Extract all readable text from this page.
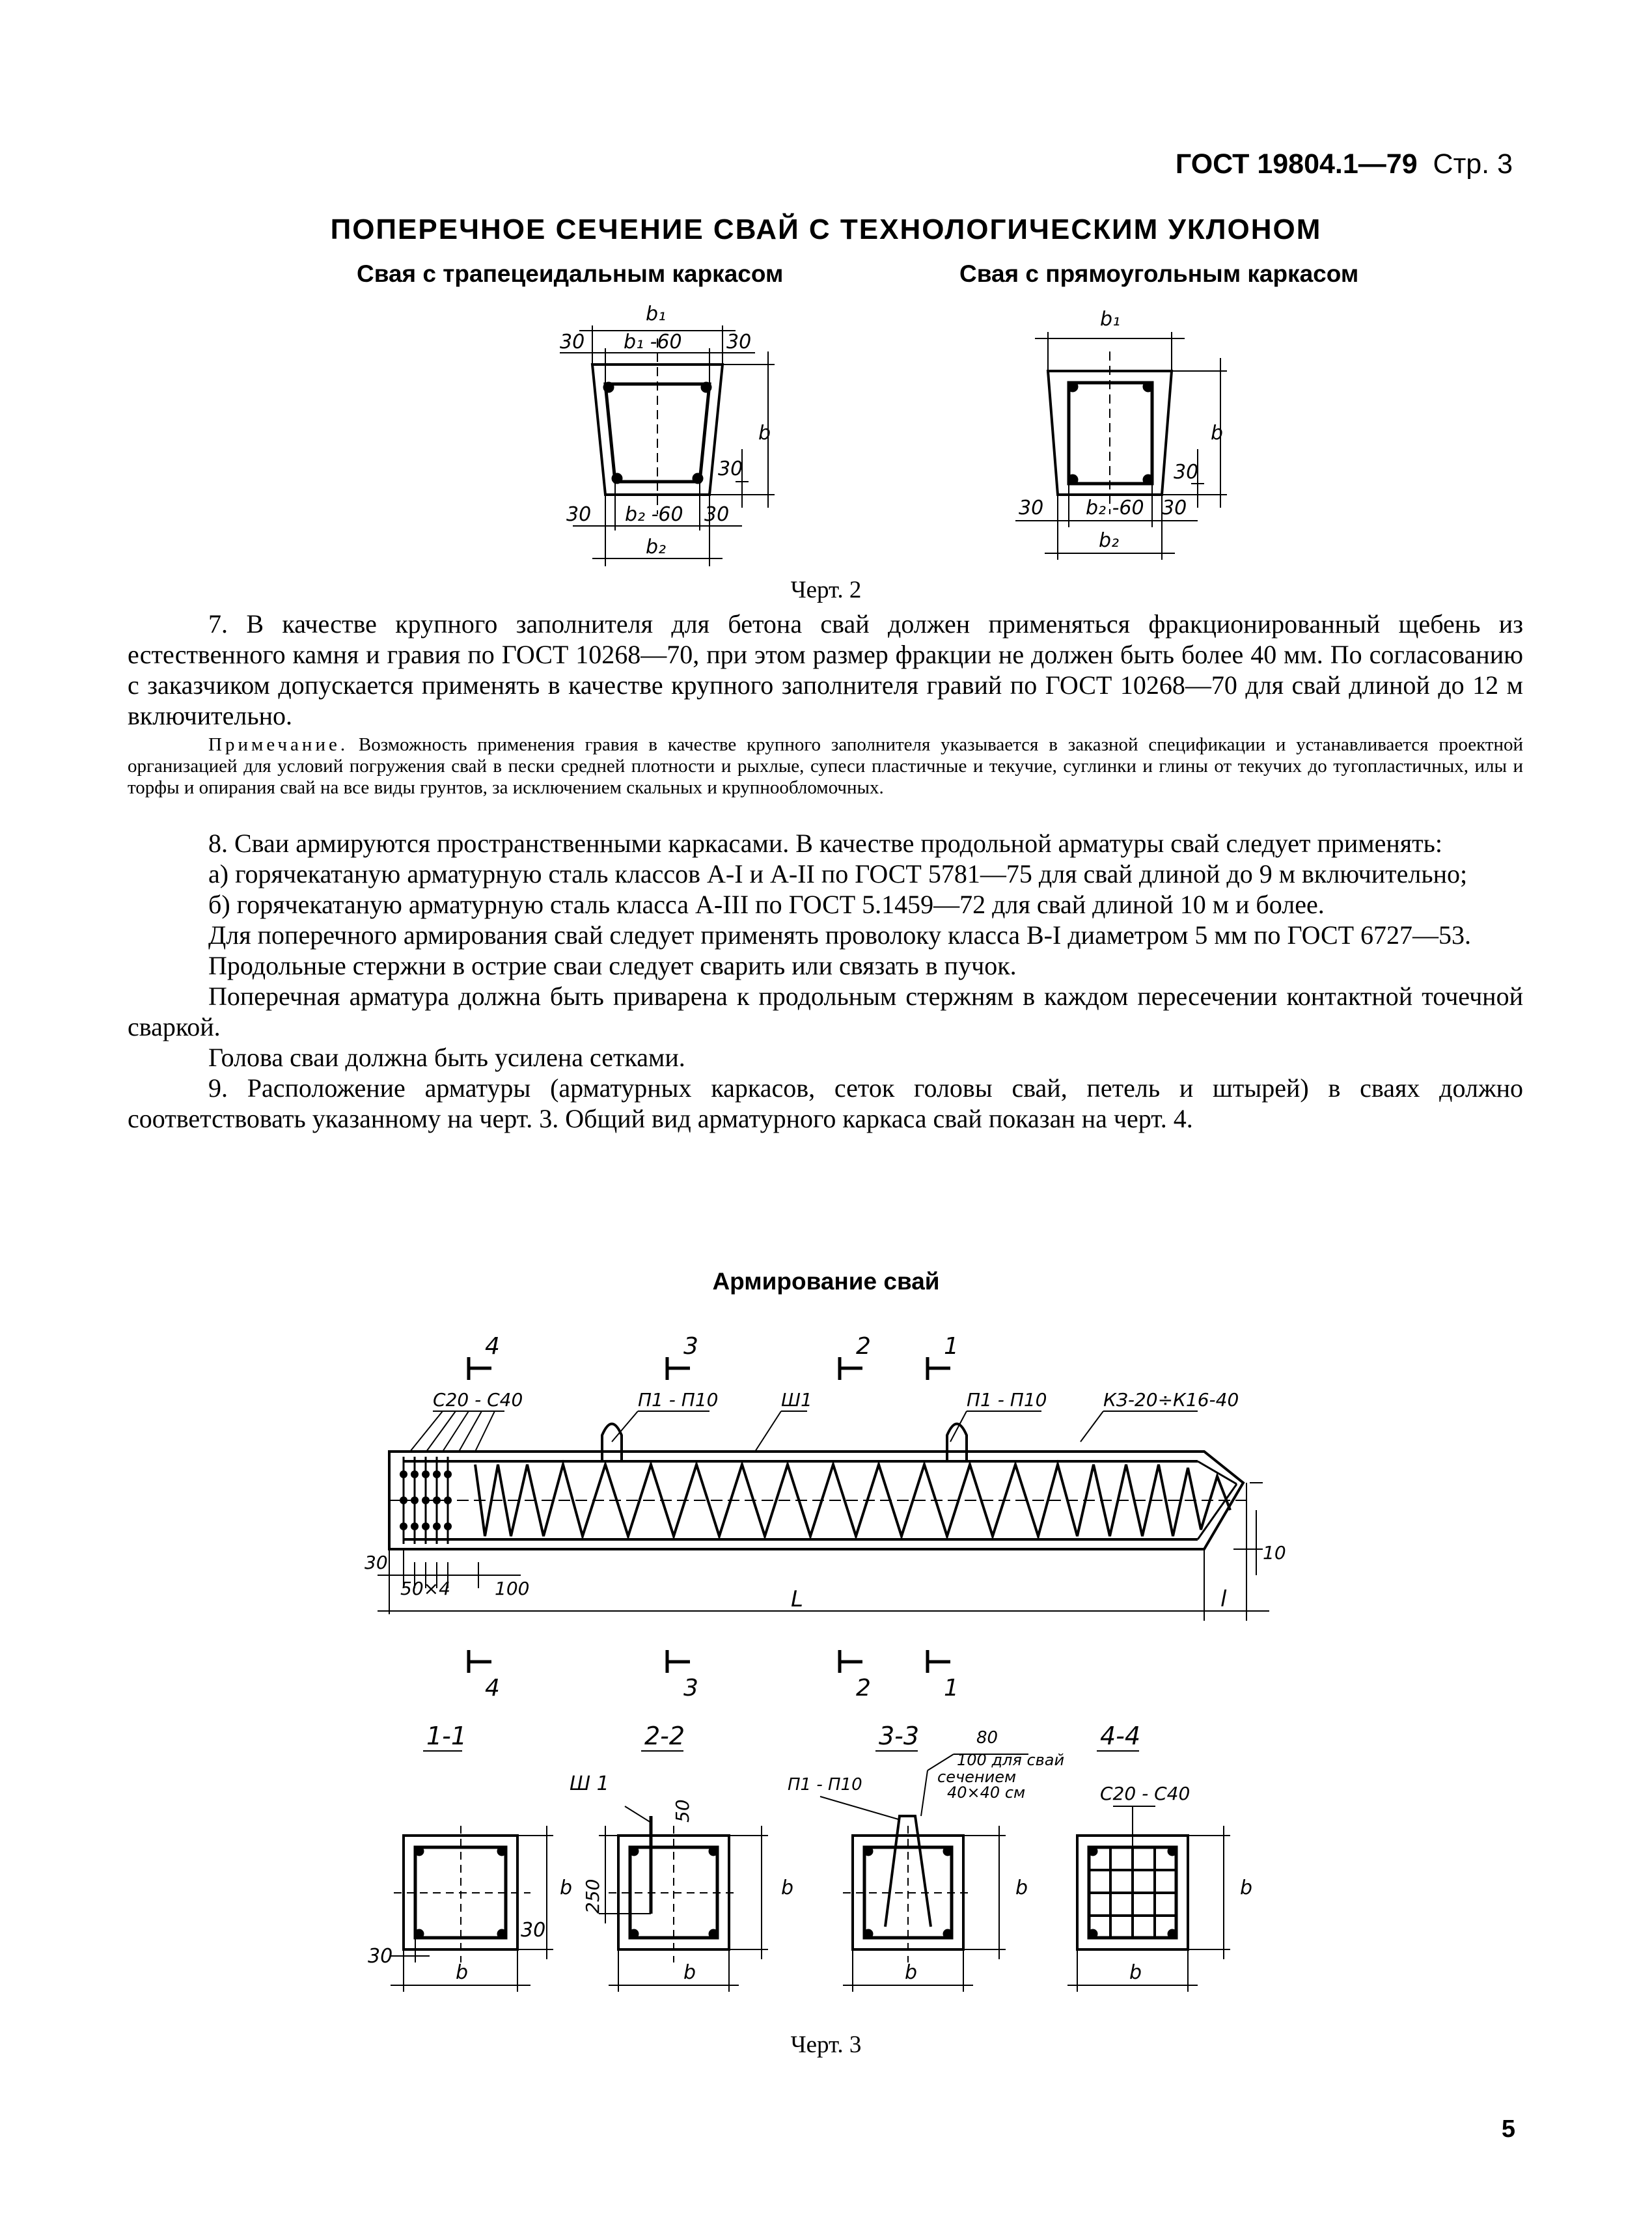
ГОСТ 19804.1—79 Стр. 3
ПОПЕРЕЧНОЕ СЕЧЕНИЕ СВАЙ С ТЕХНОЛОГИЧЕСКИМ УКЛОНОМ
Свая с трапецеидальным каркасом	Свая с прямоугольным каркасом
b₁
30 b₁ -60 30
b
30
30 b₂ -60 30
b₂
b₁
b
30
30 b₂ -60 30
b₂
Черт. 2
7. В качестве крупного заполнителя для бетона свай должен применяться фракционированный щебень из естественного камня и гравия по ГОСТ 10268—70, при этом размер фракции не должен быть более 40 мм. По согласованию с заказчиком допускается применять в качестве крупного заполнителя гравий по ГОСТ 10268—70 для свай длиной до 12 м включительно.
Примечание. Возможность применения гравия в качестве крупного заполнителя указывается в заказной спецификации и устанавливается проектной организацией для условий погружения свай в пески средней плотности и рыхлые, супеси пластичные и текучие, суглинки и глины от текучих до тугопластичных, илы и торфы и опирания свай на все виды грунтов, за исключением скальных и крупнообломочных.
8. Сваи армируются пространственными каркасами. В качестве продольной арматуры свай следует применять:
а) горячекатаную арматурную сталь классов А-I и А-II по ГОСТ 5781—75 для свай длиной до 9 м включительно;
б) горячекатаную арматурную сталь класса А-III по ГОСТ 5.1459—72 для свай длиной 10 м и более.
Для поперечного армирования свай следует применять проволоку класса В-I диаметром 5 мм по ГОСТ 6727—53.
Продольные стержни в острие сваи следует сварить или связать в пучок.
Поперечная арматура должна быть приварена к продольным стержням в каждом пересечении контактной точечной сваркой.
Голова сваи должна быть усилена сетками.
9. Расположение арматуры (арматурных каркасов, сеток головы свай, петель и штырей) в сваях должно соответствовать указанному на черт. 3. Общий вид арматурного каркаса свай показан на черт. 4.
Армирование свай
4	3	2	1
С20 - С40	П1 - П10	Ш1	П1 - П10	КЗ-20÷К16-40
30
50×4 100	L	l
10
4	3	2	1
1-1	2-2	3-3	4-4
b
30
30
b
Ш 1
b
b
250
50
П1 - П10
80
100 для свай
сечением
40×40 см
b
b
С20 - С40
b
b
Черт. 3
5
